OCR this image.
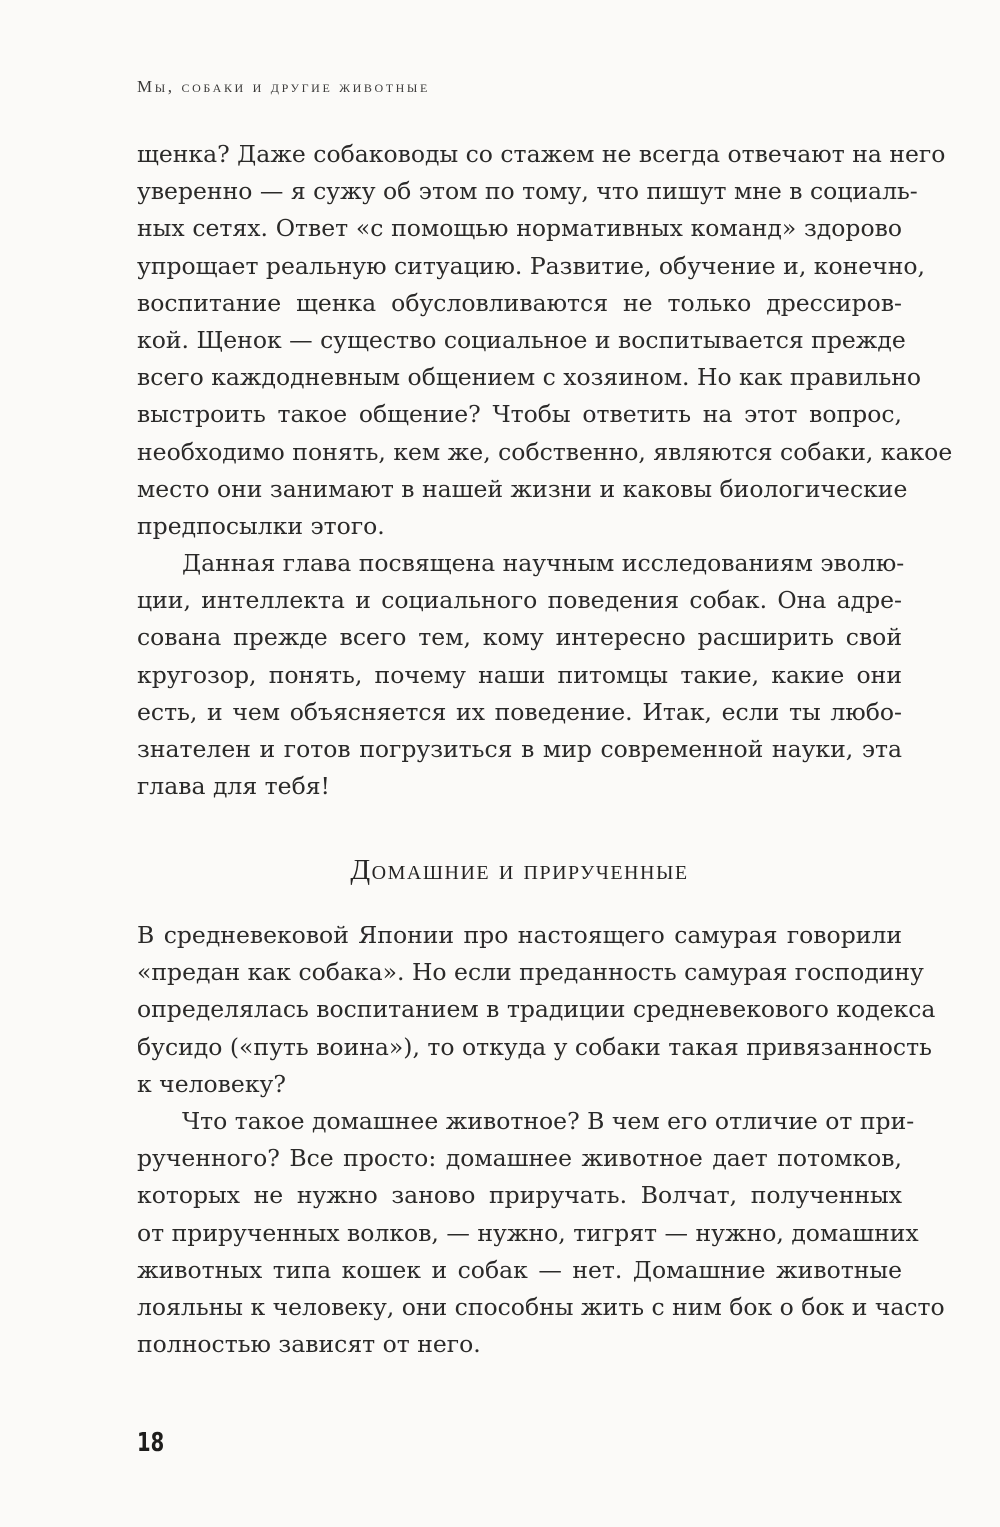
Мы, собаки и другие животные
щенка? Даже собаководы со стажем не всегда отвечают на него
уверенно — я сужу об этом по тому, что пишут мне в социаль-
ных сетях. Ответ «с помощью нормативных команд» здорово
упрощает реальную ситуацию. Развитие, обучение и, конечно,
воспитание щенка обусловливаются не только дрессиров-
кой. Щенок — существо социальное и воспитывается прежде
всего каждодневным общением с хозяином. Но как правильно
выстроить такое общение? Чтобы ответить на этот вопрос,
необходимо понять, кем же, собственно, являются собаки, какое
место они занимают в нашей жизни и каковы биологические
предпосылки этого.
Данная глава посвящена научным исследованиям эволю-
ции, интеллекта и социального поведения собак. Она адре-
сована прежде всего тем, кому интересно расширить свой
кругозор, понять, почему наши питомцы такие, какие они
есть, и чем объясняется их поведение. Итак, если ты любо-
знателен и готов погрузиться в мир современной науки, эта
глава для тебя!
Домашние и прирученные
В средневековой Японии про настоящего самурая говорили
«предан как собака». Но если преданность самурая господину
определялась воспитанием в традиции средневекового кодекса
бусидо («путь воина»), то откуда у собаки такая привязанность
к человеку?
Что такое домашнее животное? В чем его отличие от при-
рученного? Все просто: домашнее животное дает потомков,
которых не нужно заново приручать. Волчат, полученных
от прирученных волков, — нужно, тигрят — нужно, домашних
животных типа кошек и собак — нет. Домашние животные
лояльны к человеку, они способны жить с ним бок о бок и часто
полностью зависят от него.
18
